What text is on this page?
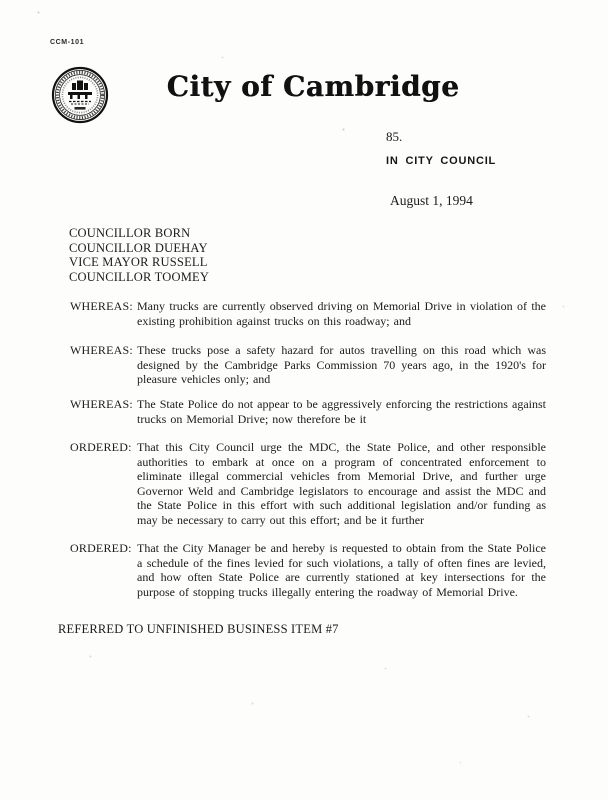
CCM-101
City of Cambridge
85.
IN CITY COUNCIL
August 1, 1994
COUNCILLOR BORN
COUNCILLOR DUEHAY
VICE MAYOR RUSSELL
COUNCILLOR TOOMEY
WHEREAS: Many trucks are currently observed driving on Memorial Drive in violation of the existing prohibition against trucks on this roadway; and
WHEREAS: These trucks pose a safety hazard for autos travelling on this road which was designed by the Cambridge Parks Commission 70 years ago, in the 1920's for pleasure vehicles only; and
WHEREAS: The State Police do not appear to be aggressively enforcing the restrictions against trucks on Memorial Drive; now therefore be it
ORDERED: That this City Council urge the MDC, the State Police, and other responsible authorities to embark at once on a program of concentrated enforcement to eliminate illegal commercial vehicles from Memorial Drive, and further urge Governor Weld and Cambridge legislators to encourage and assist the MDC and the State Police in this effort with such additional legislation and/or funding as may be necessary to carry out this effort; and be it further
ORDERED: That the City Manager be and hereby is requested to obtain from the State Police a schedule of the fines levied for such violations, a tally of often fines are levied, and how often State Police are currently stationed at key intersections for the purpose of stopping trucks illegally entering the roadway of Memorial Drive.
REFERRED TO UNFINISHED BUSINESS ITEM #7
